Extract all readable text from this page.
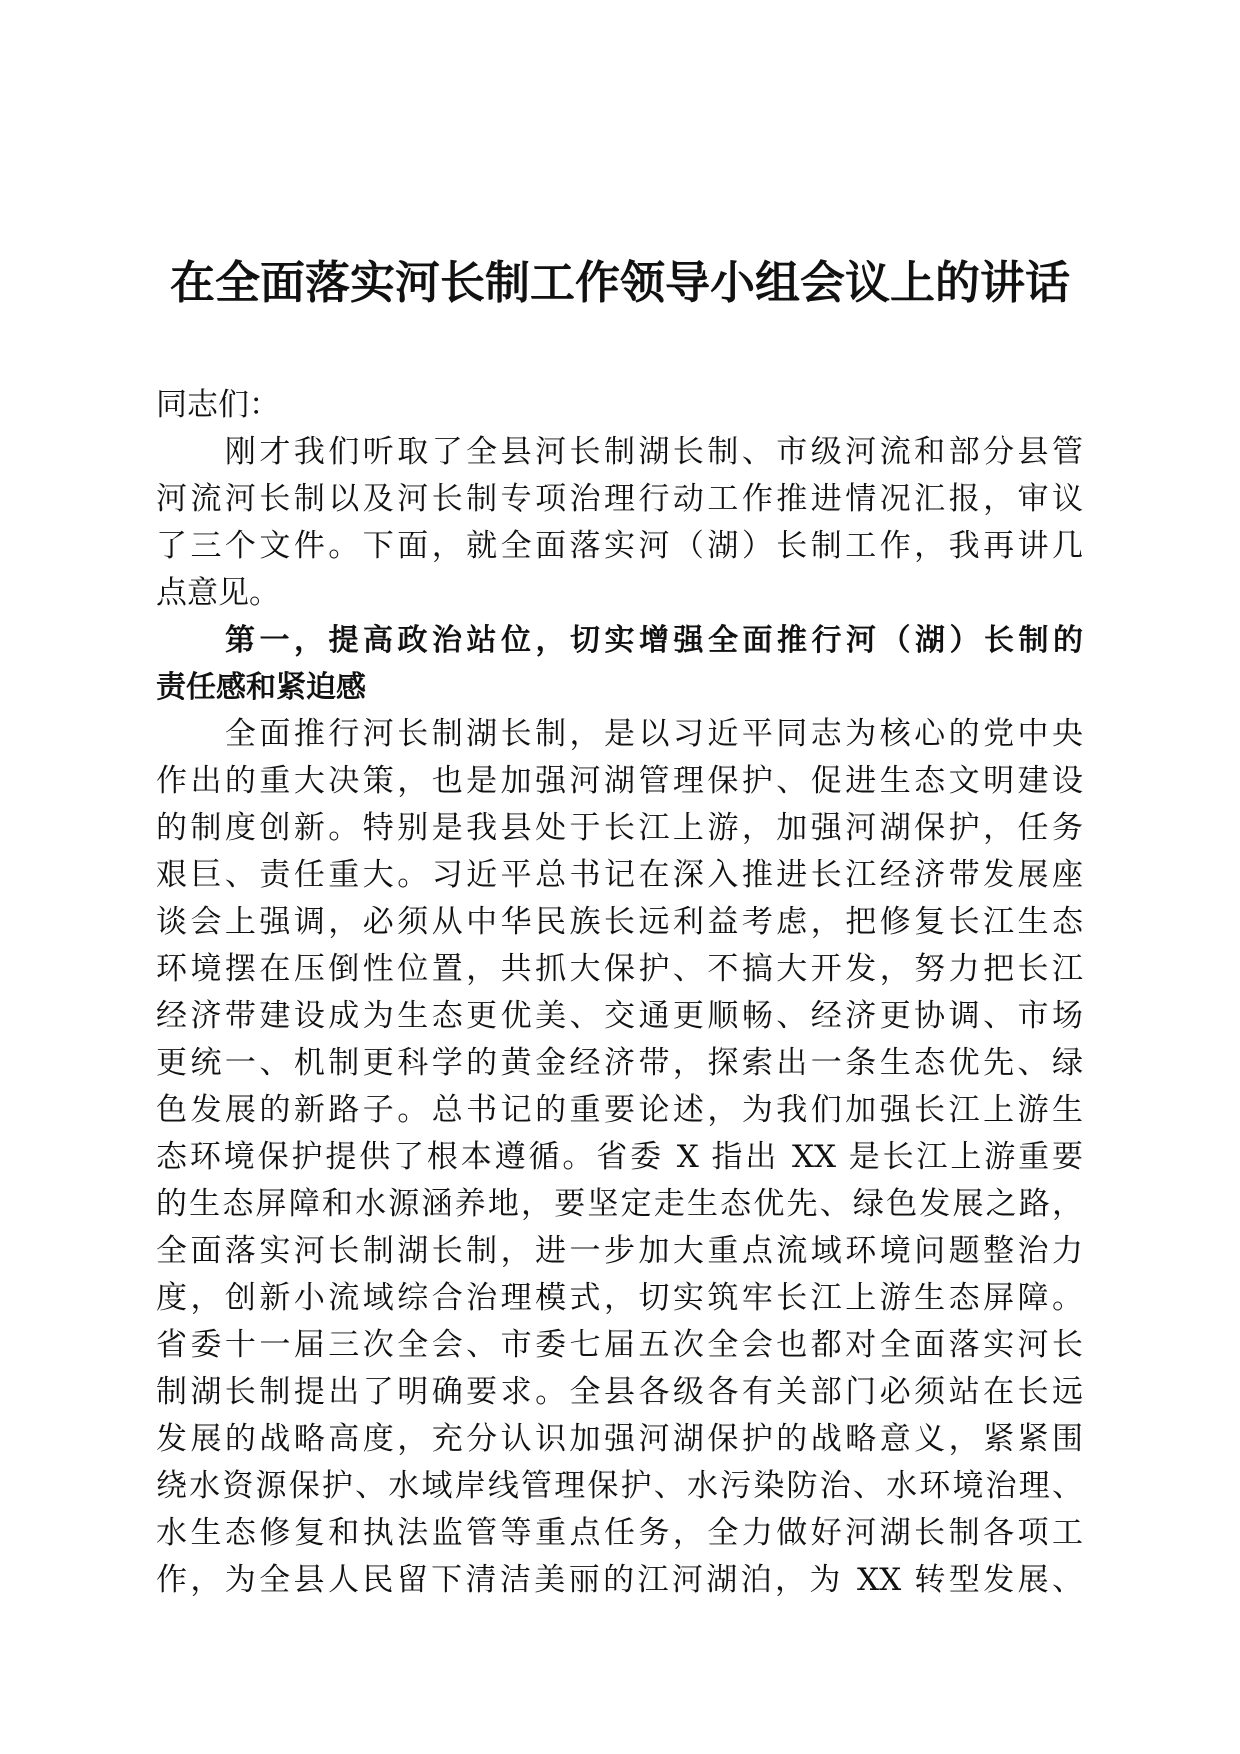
在全面落实河长制工作领导小组会议上的讲话
同志们：
　　刚才我们听取了全县河长制湖长制、市级河流和部分县管
河流河长制以及河长制专项治理行动工作推进情况汇报，审议
了三个文件。下面，就全面落实河（湖）长制工作，我再讲几
点意见。
　　第一，提高政治站位，切实增强全面推行河（湖）长制的
责任感和紧迫感
　　全面推行河长制湖长制，是以习近平同志为核心的党中央
作出的重大决策，也是加强河湖管理保护、促进生态文明建设
的制度创新。特别是我县处于长江上游，加强河湖保护，任务
艰巨、责任重大。习近平总书记在深入推进长江经济带发展座
谈会上强调，必须从中华民族长远利益考虑，把修复长江生态
环境摆在压倒性位置，共抓大保护、不搞大开发，努力把长江
经济带建设成为生态更优美、交通更顺畅、经济更协调、市场
更统一、机制更科学的黄金经济带，探索出一条生态优先、绿
色发展的新路子。总书记的重要论述，为我们加强长江上游生
态环境保护提供了根本遵循。省委 X 指出 XX 是长江上游重要
的生态屏障和水源涵养地，要坚定走生态优先、绿色发展之路，
全面落实河长制湖长制，进一步加大重点流域环境问题整治力
度，创新小流域综合治理模式，切实筑牢长江上游生态屏障。
省委十一届三次全会、市委七届五次全会也都对全面落实河长
制湖长制提出了明确要求。全县各级各有关部门必须站在长远
发展的战略高度，充分认识加强河湖保护的战略意义，紧紧围
绕水资源保护、水域岸线管理保护、水污染防治、水环境治理、
水生态修复和执法监管等重点任务，全力做好河湖长制各项工
作，为全县人民留下清洁美丽的江河湖泊，为 XX 转型发展、
